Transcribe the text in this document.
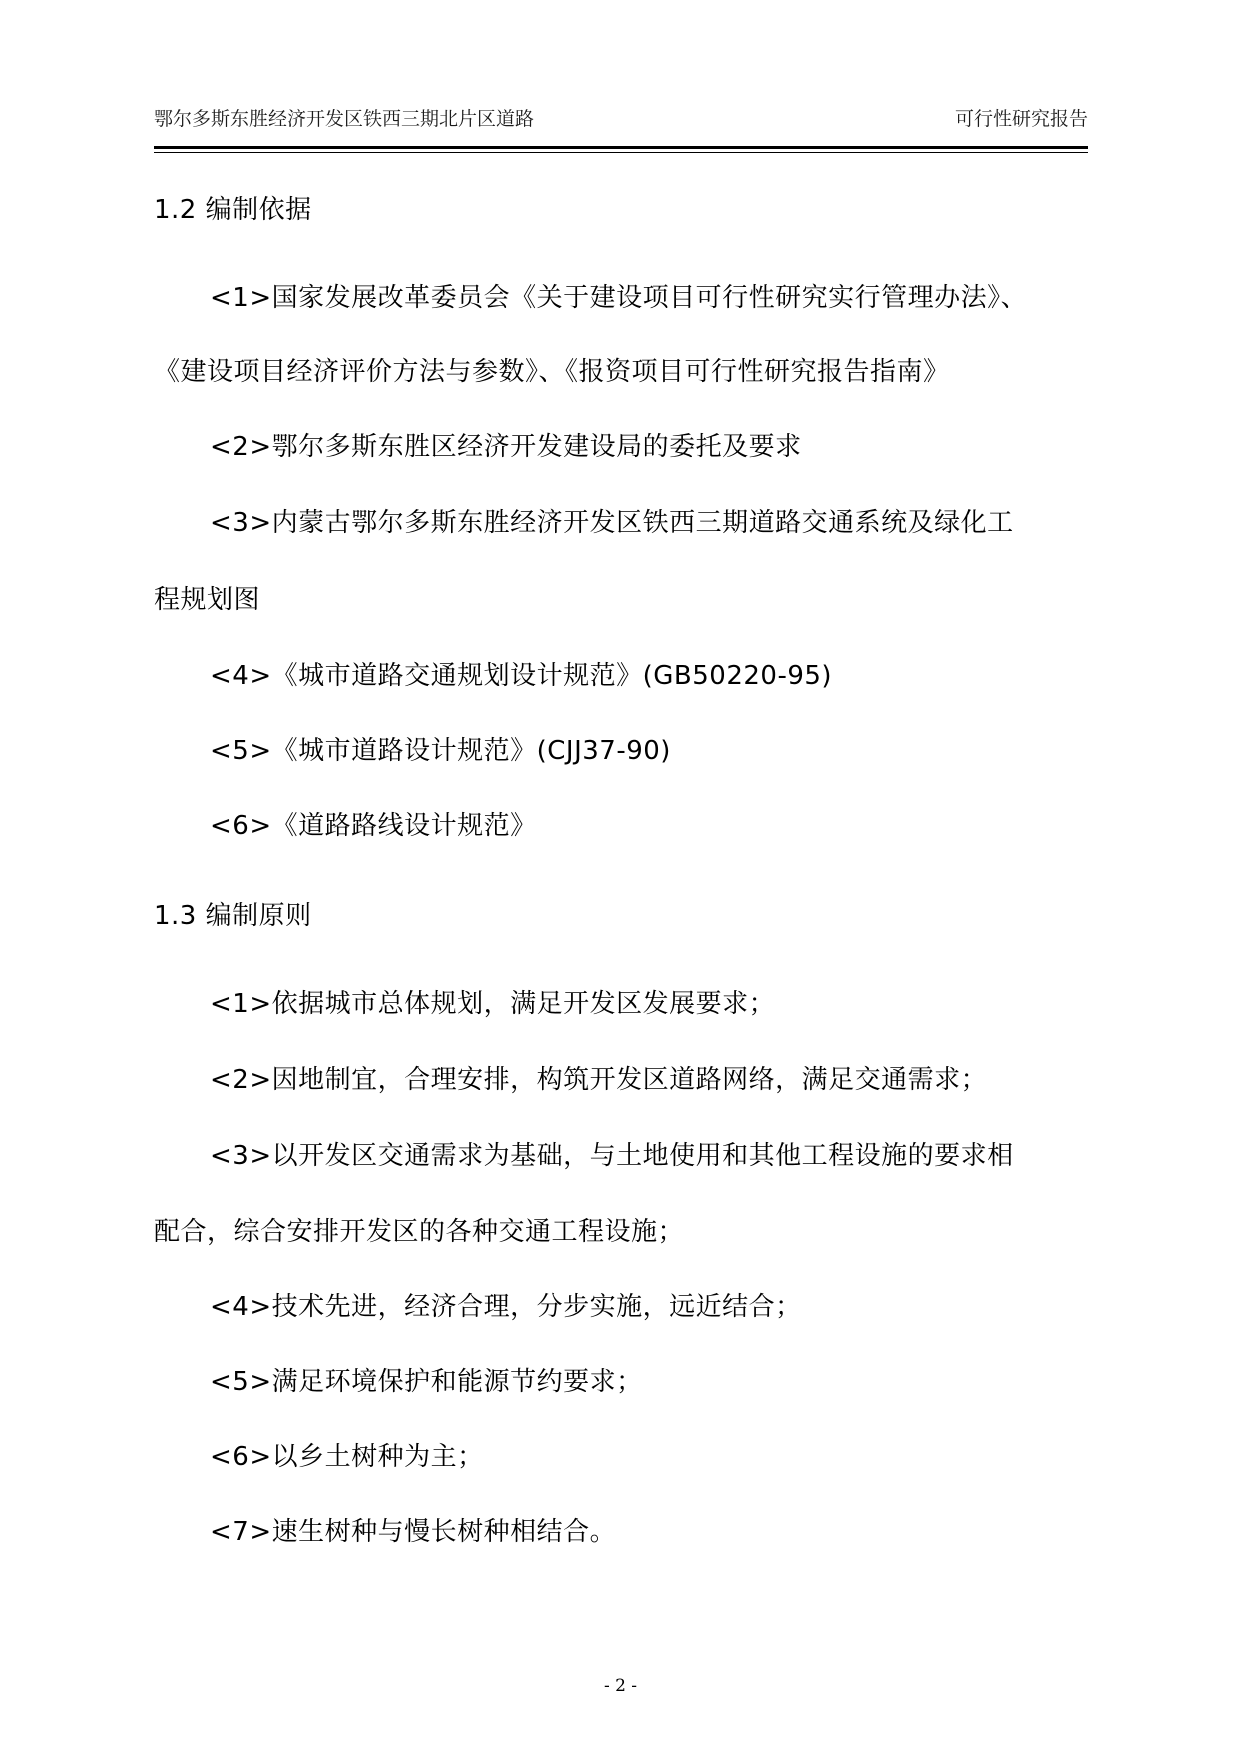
鄂尔多斯东胜经济开发区铁西三期北片区道路	可行性研究报告
1.2 编制依据
<1>国家发展改革委员会《关于建设项目可行性研究实行管理办法》、
《建设项目经济评价方法与参数》、《报资项目可行性研究报告指南》
<2>鄂尔多斯东胜区经济开发建设局的委托及要求
<3>内蒙古鄂尔多斯东胜经济开发区铁西三期道路交通系统及绿化工
程规划图
<4>《城市道路交通规划设计规范》(GB50220-95)
<5>《城市道路设计规范》(CJJ37-90)
<6>《道路路线设计规范》
1.3 编制原则
<1>依据城市总体规划，满足开发区发展要求；
<2>因地制宜，合理安排，构筑开发区道路网络，满足交通需求；
<3>以开发区交通需求为基础，与土地使用和其他工程设施的要求相
配合，综合安排开发区的各种交通工程设施；
<4>技术先进，经济合理，分步实施，远近结合；
<5>满足环境保护和能源节约要求；
<6>以乡土树种为主；
<7>速生树种与慢长树种相结合。
- 2 -
